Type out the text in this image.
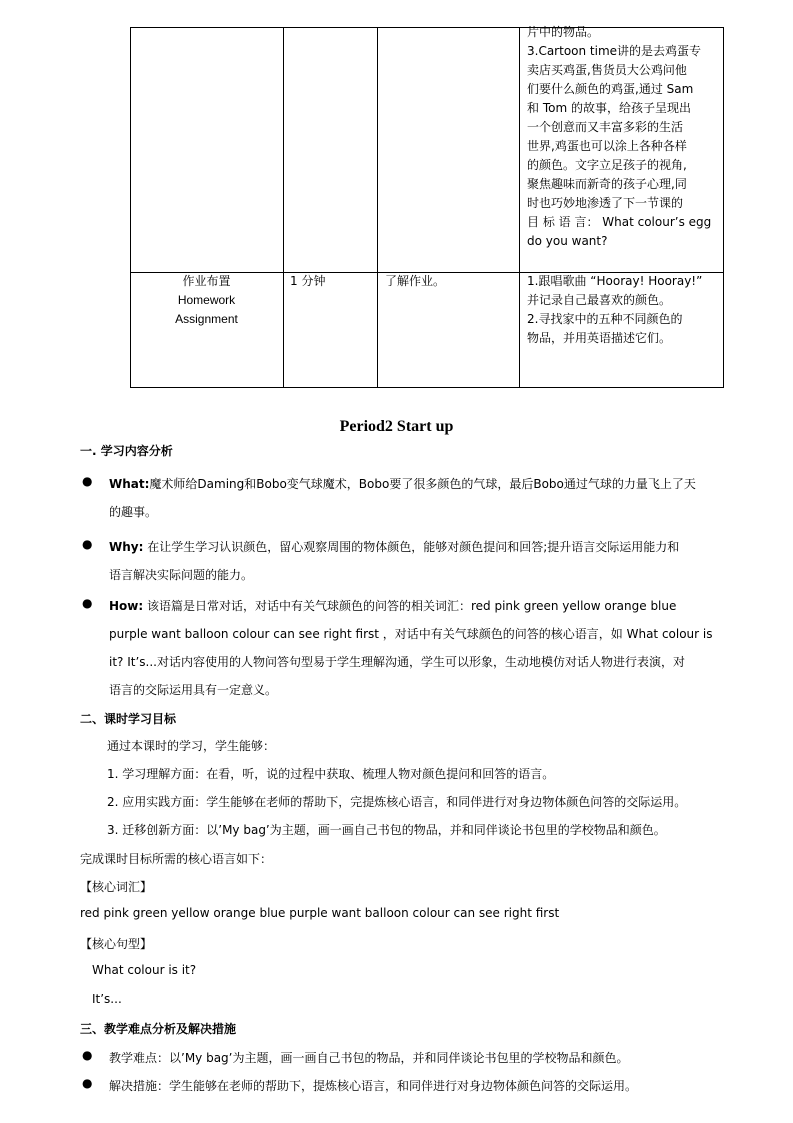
片中的物品。

3.Cartoon time讲的是去鸡蛋专

卖店买鸡蛋,售货员大公鸡问他

们要什么颜色的鸡蛋,通过 Sam

和 Tom 的故事，给孩子呈现出

一个创意而又丰富多彩的生活

世界,鸡蛋也可以涂上各种各样

的颜色。文字立足孩子的视角,

聚焦趣味而新奇的孩子心理,同

时也巧妙地渗透了下一节课的

目 标 语 言： What colour’s egg

do you want?

作业布置
Homework
Assignment
1 分钟	了解作业。	1.跟唱歌曲 “Hooray! Hooray!”

并记录自己最喜欢的颜色。

2.寻找家中的五种不同颜色的

物品，并用英语描述它们。

Period2 Start up
一. 学习内容分析
● What:魔术师给Daming和Bobo变气球魔术，Bobo要了很多颜色的气球，最后Bobo通过气球的力量飞上了天
的趣事。
● Why: 在让学生学习认识颜色，留心观察周围的物体颜色，能够对颜色提问和回答;提升语言交际运用能力和
语言解决实际问题的能力。
● How: 该语篇是日常对话，对话中有关气球颜色的问答的相关词汇：red pink green yellow orange blue
purple want balloon colour can see right first ，对话中有关气球颜色的问答的核心语言，如 What colour is
it? It’s...对话内容使用的人物问答句型易于学生理解沟通，学生可以形象，生动地模仿对话人物进行表演，对
语言的交际运用具有一定意义。
二、课时学习目标
通过本课时的学习，学生能够：
1. 学习理解方面：在看，听，说的过程中获取、梳理人物对颜色提问和回答的语言。
2. 应用实践方面：学生能够在老师的帮助下，完提炼核心语言，和同伴进行对身边物体颜色问答的交际运用。
3. 迁移创新方面：以’My bag’为主题，画一画自己书包的物品，并和同伴谈论书包里的学校物品和颜色。
完成课时目标所需的核心语言如下：
【核心词汇】
red pink green yellow orange blue purple want balloon colour can see right first
【核心句型】
What colour is it?
It’s...
三、教学难点分析及解决措施
● 教学难点：以’My bag’为主题，画一画自己书包的物品，并和同伴谈论书包里的学校物品和颜色。
● 解决措施：学生能够在老师的帮助下，提炼核心语言，和同伴进行对身边物体颜色问答的交际运用。
